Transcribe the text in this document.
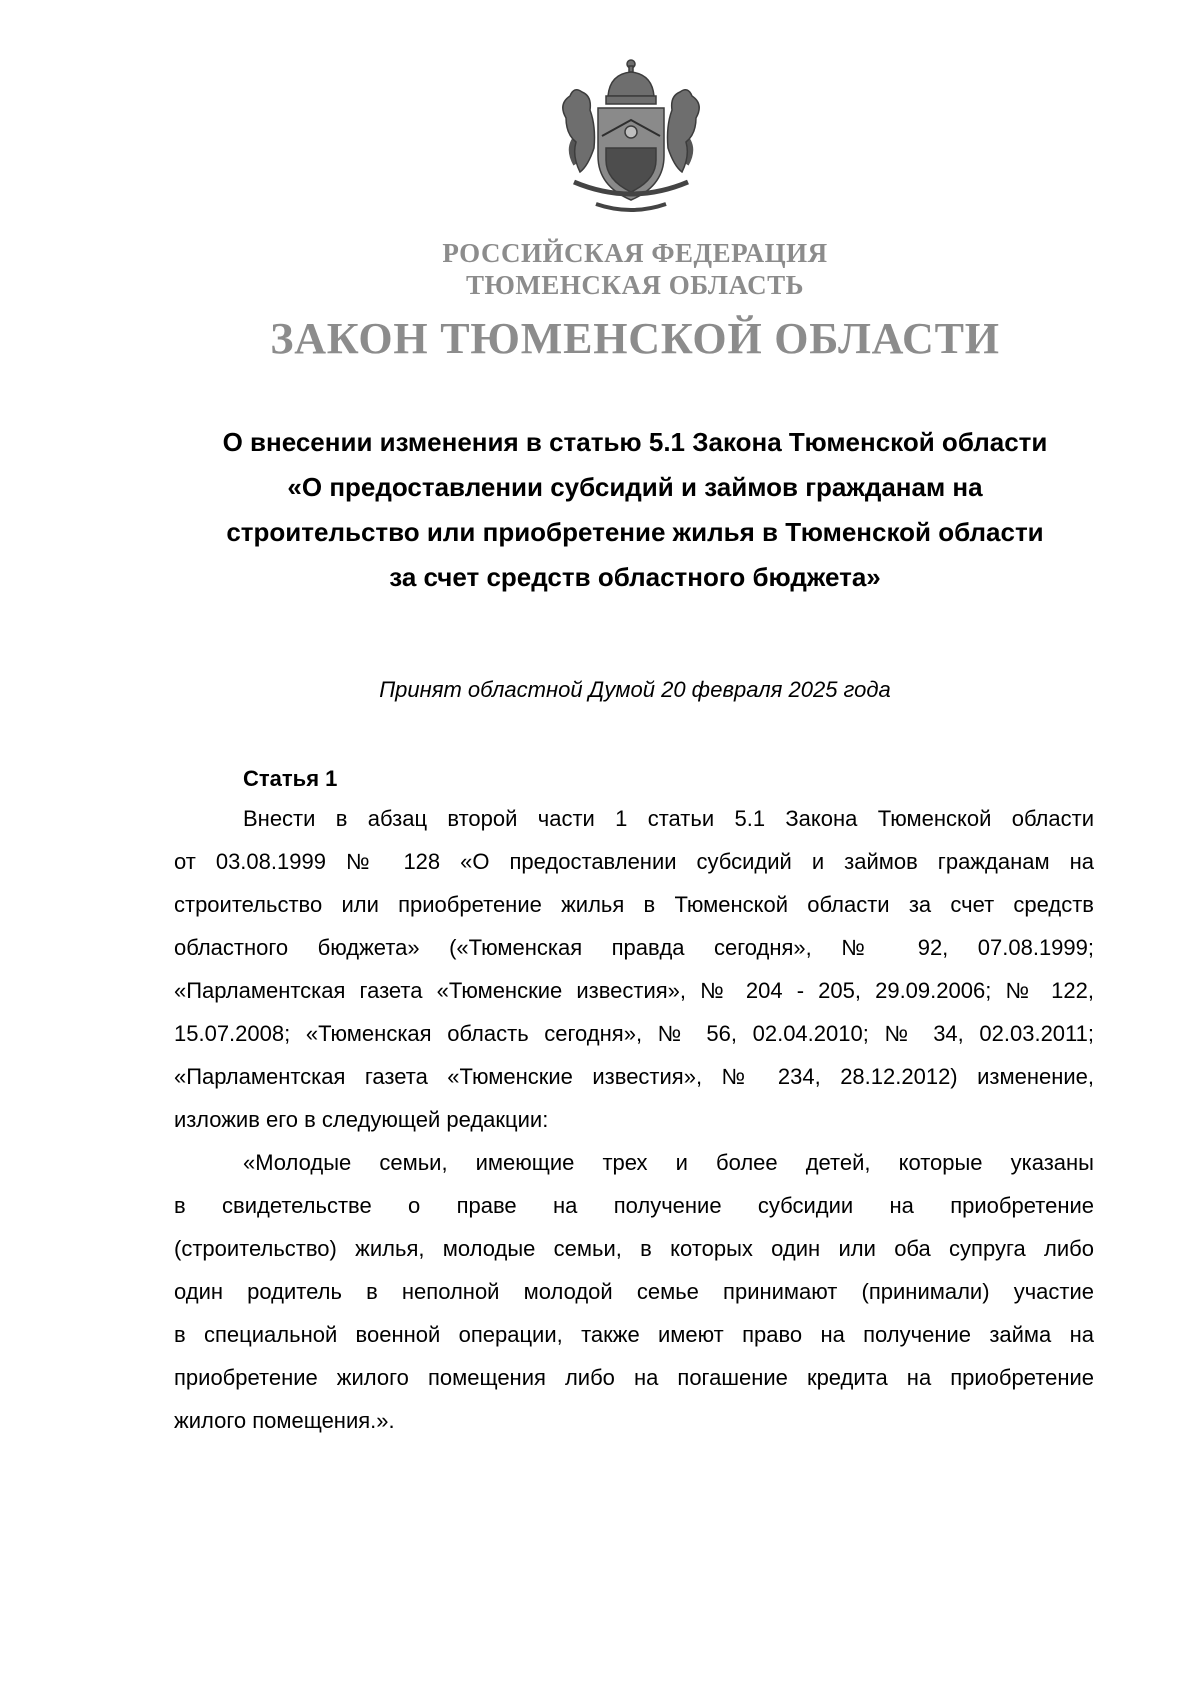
РОССИЙСКАЯ ФЕДЕРАЦИЯ
ТЮМЕНСКАЯ ОБЛАСТЬ
ЗАКОН ТЮМЕНСКОЙ ОБЛАСТИ
О внесении изменения в статью 5.1 Закона Тюменской области
«О предоставлении субсидий и займов гражданам на
строительство или приобретение жилья в Тюменской области
за счет средств областного бюджета»

Принят областной Думой 20 февраля 2025 года

Статья 1

Внести в абзац второй части 1 статьи 5.1 Закона Тюменской области
от 03.08.1999 № 128 «О предоставлении субсидий и займов гражданам на
строительство или приобретение жилья в Тюменской области за счет средств
областного бюджета» («Тюменская правда сегодня», № 92, 07.08.1999;
«Парламентская газета «Тюменские известия», № 204 - 205, 29.09.2006; № 122,
15.07.2008; «Тюменская область сегодня», № 56, 02.04.2010; № 34, 02.03.2011;
«Парламентская газета «Тюменские известия», № 234, 28.12.2012) изменение,
изложив его в следующей редакции:
«Молодые семьи, имеющие трех и более детей, которые указаны
в свидетельстве о праве на получение субсидии на приобретение
(строительство) жилья, молодые семьи, в которых один или оба супруга либо
один родитель в неполной молодой семье принимают (принимали) участие
в специальной военной операции, также имеют право на получение займа на
приобретение жилого помещения либо на погашение кредита на приобретение
жилого помещения.».
